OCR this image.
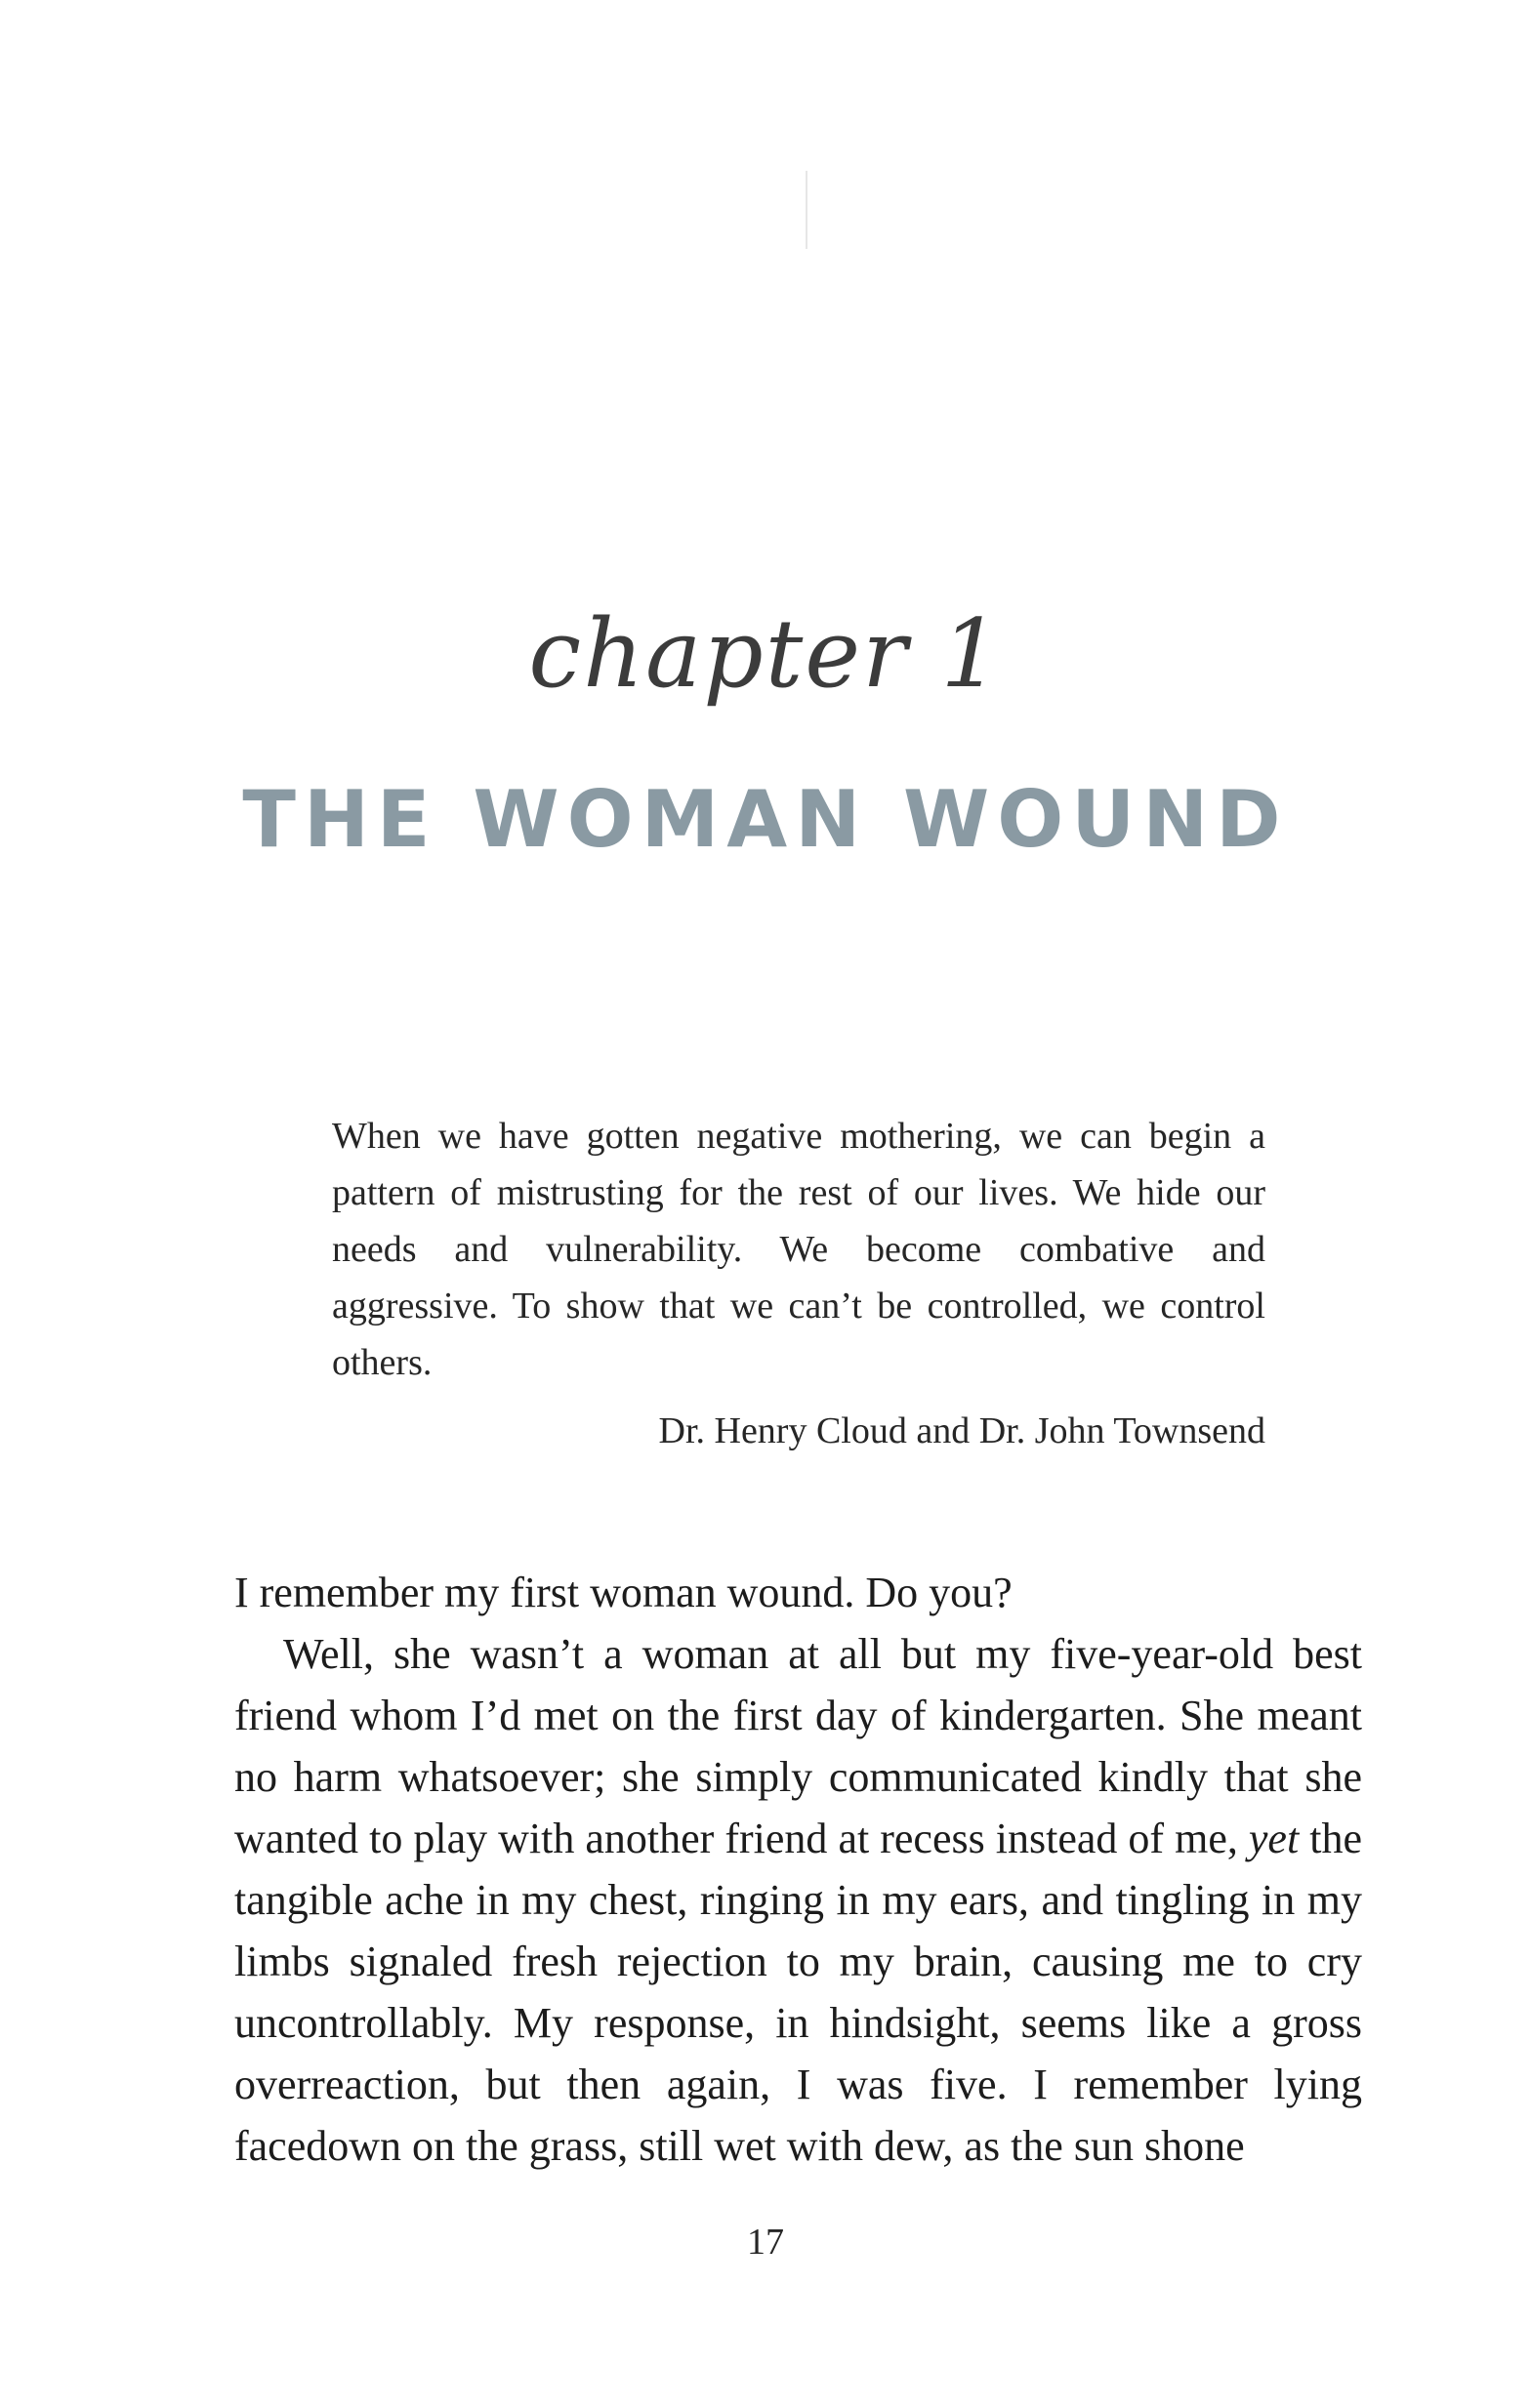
chapter 1
THE WOMAN WOUND

When we have gotten negative mothering, we can begin a pattern of mistrusting for the rest of our lives. We hide our needs and vulnerability. We become combative and aggressive. To show that we can’t be controlled, we control others.

Dr. Henry Cloud and Dr. John Townsend

I remember my first woman wound. Do you?

Well, she wasn’t a woman at all but my five-year-old best friend whom I’d met on the first day of kindergarten. She meant no harm whatsoever; she simply communicated kindly that she wanted to play with another friend at recess instead of me, yet the tangible ache in my chest, ringing in my ears, and tingling in my limbs signaled fresh rejection to my brain, causing me to cry uncontrollably. My response, in hindsight, seems like a gross overreaction, but then again, I was five. I remember lying facedown on the grass, still wet with dew, as the sun shone

17
